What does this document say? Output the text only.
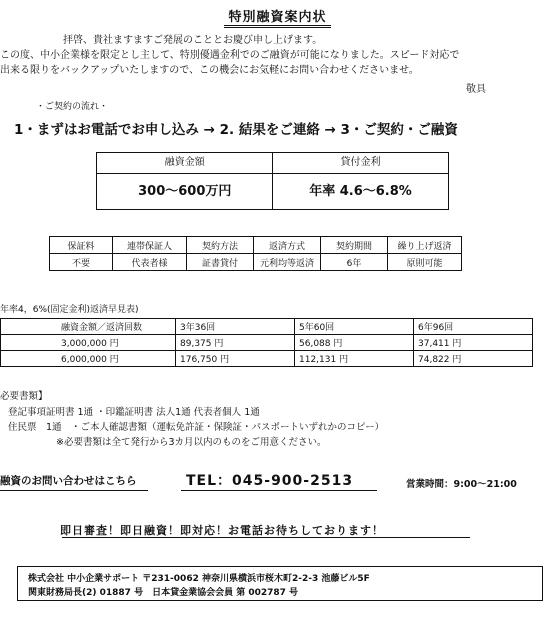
特別融資案内状
拝啓、貴社ますますご発展のこととお慶び申し上げます。
この度、中小企業様を限定とし主して、特別優遇金利でのご融資が可能になりました。スピード対応で
出来る限りをバックアップいたしますので、この機会にお気軽にお問い合わせくださいませ。
敬具
・ご契約の流れ・
1・まずはお電話でお申し込み → 2. 結果をご連絡 → 3・ご契約・ご融資
融資金額	貸付金利
300〜600万円	年率 4.6〜6.8%
保証料	連帯保証人	契約方法	返済方式	契約期間	繰り上げ返済
不要	代表者様	証書貸付	元利均等返済	6年	原則可能
年率4，6%(固定金利)返済早見表)
融資金額／返済回数	3年36回	5年60回	6年96回
3,000,000 円	89,375 円	56,088 円	37,411 円
6,000,000 円	176,750 円	112,131 円	74,822 円
必要書類】
登記事項証明書 1通 ・印鑑証明書 法人1通 代表者個人 1通
住民票　1通　・ご本人確認書類（運転免許証・保険証・パスポートいずれかのコピー）
※必要書類は全て発行から3カ月以内のものをご用意ください。
融資のお問い合わせはこちら	TEL：045-900-2513	営業時間：9:00〜21:00
即日審査！即日融資！即対応！お電話お待ちしております！
株式会社 中小企業サポート 〒231-0062 神奈川県横浜市桜木町2-2-3 池藤ビル5F
関東財務局長(2) 01887 号　日本貸金業協会会員 第 002787 号
